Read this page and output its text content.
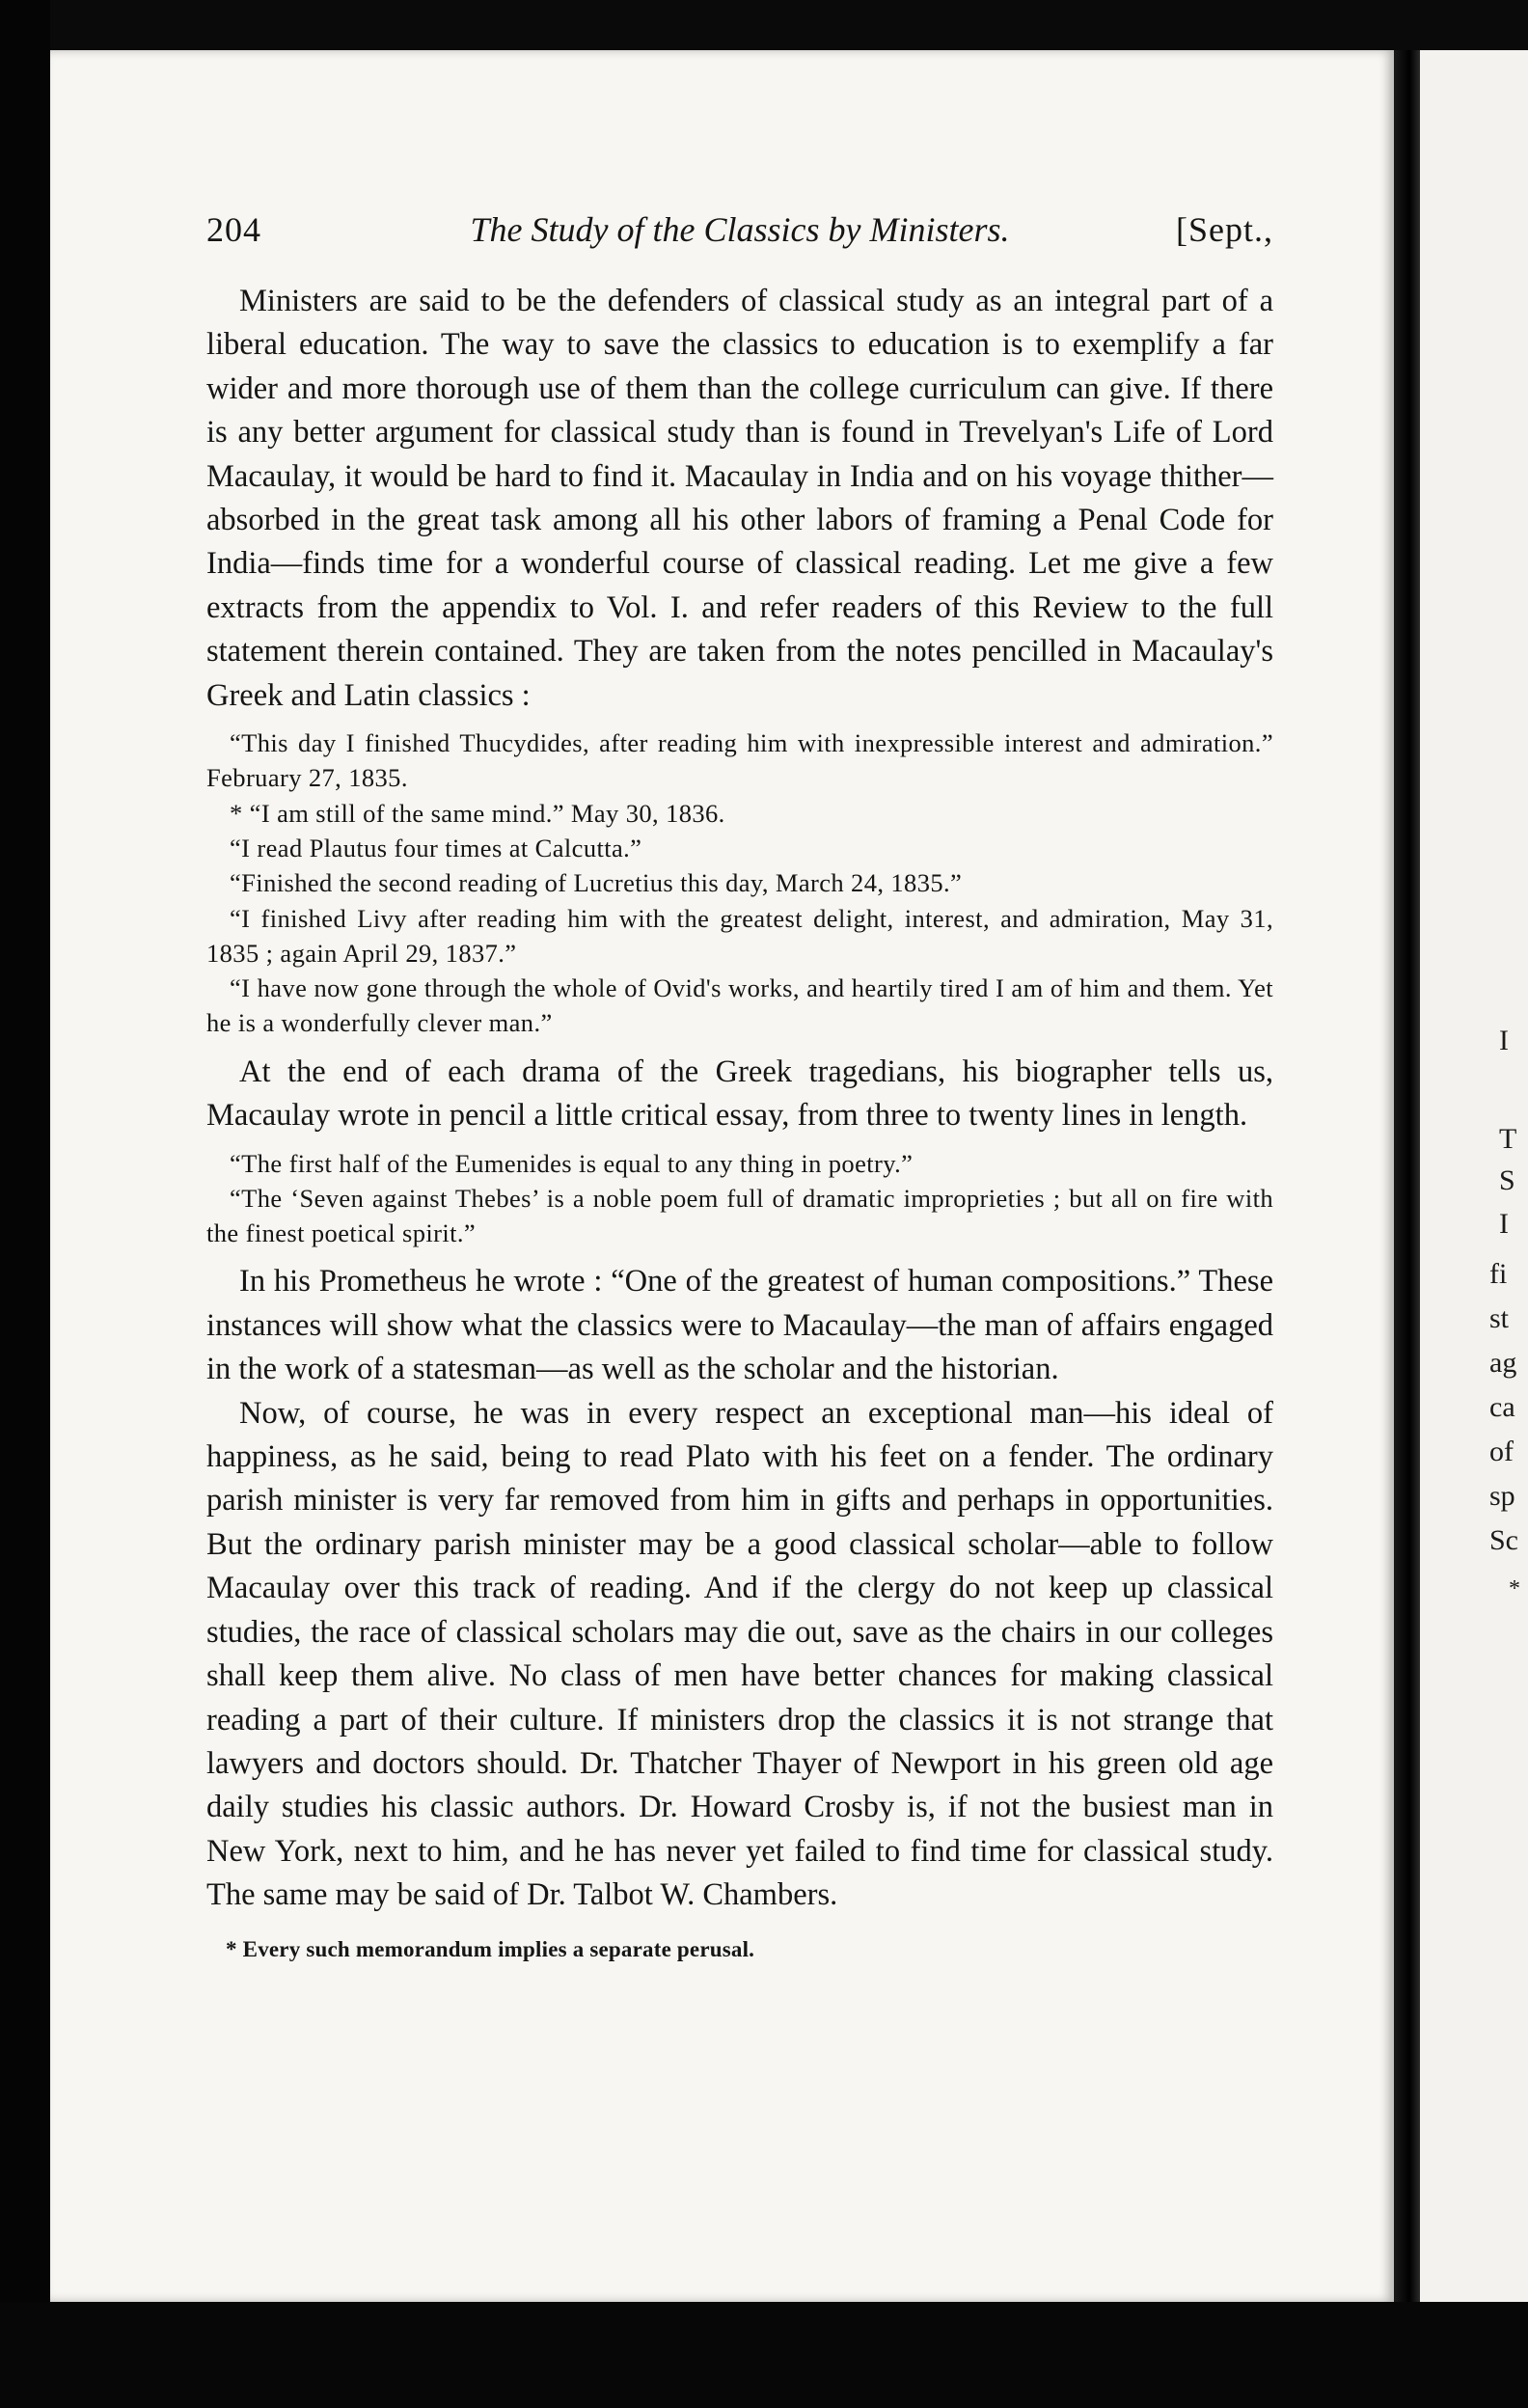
I
T
S
I
fi
st
ag
ca
of
sp
Sc
*
204	The Study of the Classics by Ministers.	[Sept.,

Ministers are said to be the defenders of classical study as an integral part of a liberal education. The way to save the classics to education is to exemplify a far wider and more thorough use of them than the college curriculum can give. If there is any better argument for classical study than is found in Trevelyan's Life of Lord Macaulay, it would be hard to find it. Macaulay in India and on his voyage thither—absorbed in the great task among all his other labors of framing a Penal Code for India—finds time for a wonderful course of classical reading. Let me give a few extracts from the appendix to Vol. I. and refer readers of this Review to the full statement therein contained. They are taken from the notes pencilled in Macaulay's Greek and Latin classics :

“This day I finished Thucydides, after reading him with inexpressible interest and admiration.” February 27, 1835.

* “I am still of the same mind.” May 30, 1836.

“I read Plautus four times at Calcutta.”

“Finished the second reading of Lucretius this day, March 24, 1835.”

“I finished Livy after reading him with the greatest delight, interest, and admiration, May 31, 1835 ; again April 29, 1837.”

“I have now gone through the whole of Ovid's works, and heartily tired I am of him and them. Yet he is a wonderfully clever man.”

At the end of each drama of the Greek tragedians, his biographer tells us, Macaulay wrote in pencil a little critical essay, from three to twenty lines in length.

“The first half of the Eumenides is equal to any thing in poetry.”

“The ‘Seven against Thebes’ is a noble poem full of dramatic improprieties ; but all on fire with the finest poetical spirit.”

In his Prometheus he wrote : “One of the greatest of human compositions.” These instances will show what the classics were to Macaulay—the man of affairs engaged in the work of a statesman—as well as the scholar and the historian.

Now, of course, he was in every respect an exceptional man—his ideal of happiness, as he said, being to read Plato with his feet on a fender. The ordinary parish minister is very far removed from him in gifts and perhaps in opportunities. But the ordinary parish minister may be a good classical scholar—able to follow Macaulay over this track of reading. And if the clergy do not keep up classical studies, the race of classical scholars may die out, save as the chairs in our colleges shall keep them alive. No class of men have better chances for making classical reading a part of their culture. If ministers drop the classics it is not strange that lawyers and doctors should. Dr. Thatcher Thayer of Newport in his green old age daily studies his classic authors. Dr. Howard Crosby is, if not the busiest man in New York, next to him, and he has never yet failed to find time for classical study. The same may be said of Dr. Talbot W. Chambers.

* Every such memorandum implies a separate perusal.
